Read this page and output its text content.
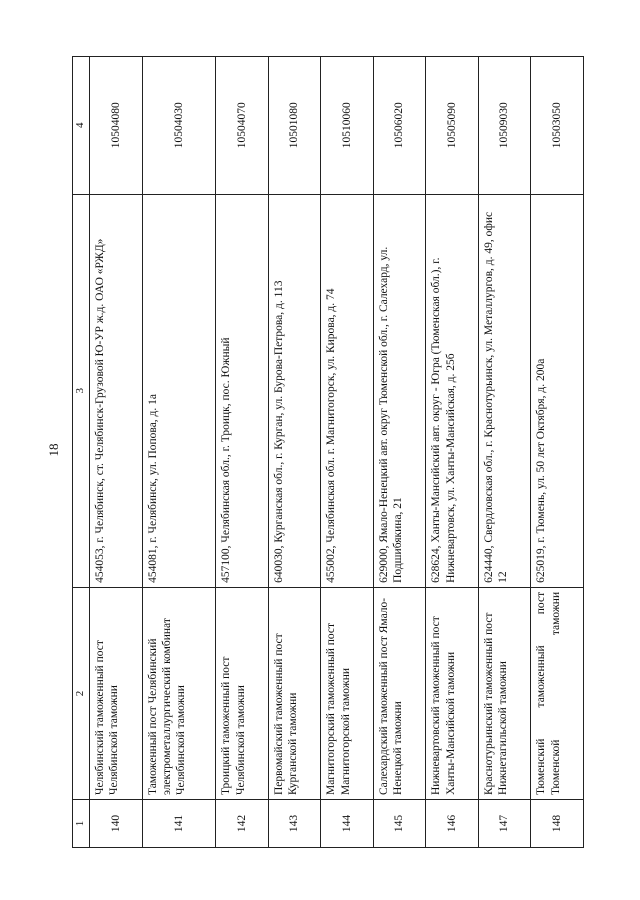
18
1	2	3	4
140	Челябинский таможенный пост Челябинской таможни	454053, г. Челябинск, ст. Челябинск-Грузовой Ю-УР ж.д. ОАО «РЖД»	10504080
141	Таможенный пост Челябинский электрометаллургический комбинат Челябинской таможни	454081, г. Челябинск, ул. Попова, д. 1а	10504030
142	Троицкий таможенный пост Челябинской таможни	457100, Челябинская обл., г. Троицк, пос. Южный	10504070
143	Первомайский таможенный пост Курганской таможни	640030, Курганская обл., г. Курган, ул. Бурова-Петрова, д. 113	10501080
144	Магнитогорский таможенный пост Магнитогорской таможни	455002, Челябинская обл. г. Магнитогорск, ул. Кирова, д. 74	10510060
145	Салехардский таможенный пост Ямало-Ненецкой таможни	629000, Ямало-Ненецкий авт. округ Тюменской обл., г. Салехард, ул. Подшибякина, 21	10506020
146	Нижневартовский таможенный пост Ханты-Мансийской таможни	628624, Ханты-Мансийский авт. округ - Югра (Тюменская обл.), г. Нижневартовск, ул. Ханты-Мансийская, д. 25б	10505090
147	Краснотурьинский таможенный пост Нижнетагильской таможни	624440, Свердловская обл., г. Краснотурьинск, ул. Металлургов, д. 49, офис 12	10509030
148	Тюменский таможенный пост Тюменской таможни	625019, г. Тюмень, ул. 50 лет Октября, д. 200а	10503050
